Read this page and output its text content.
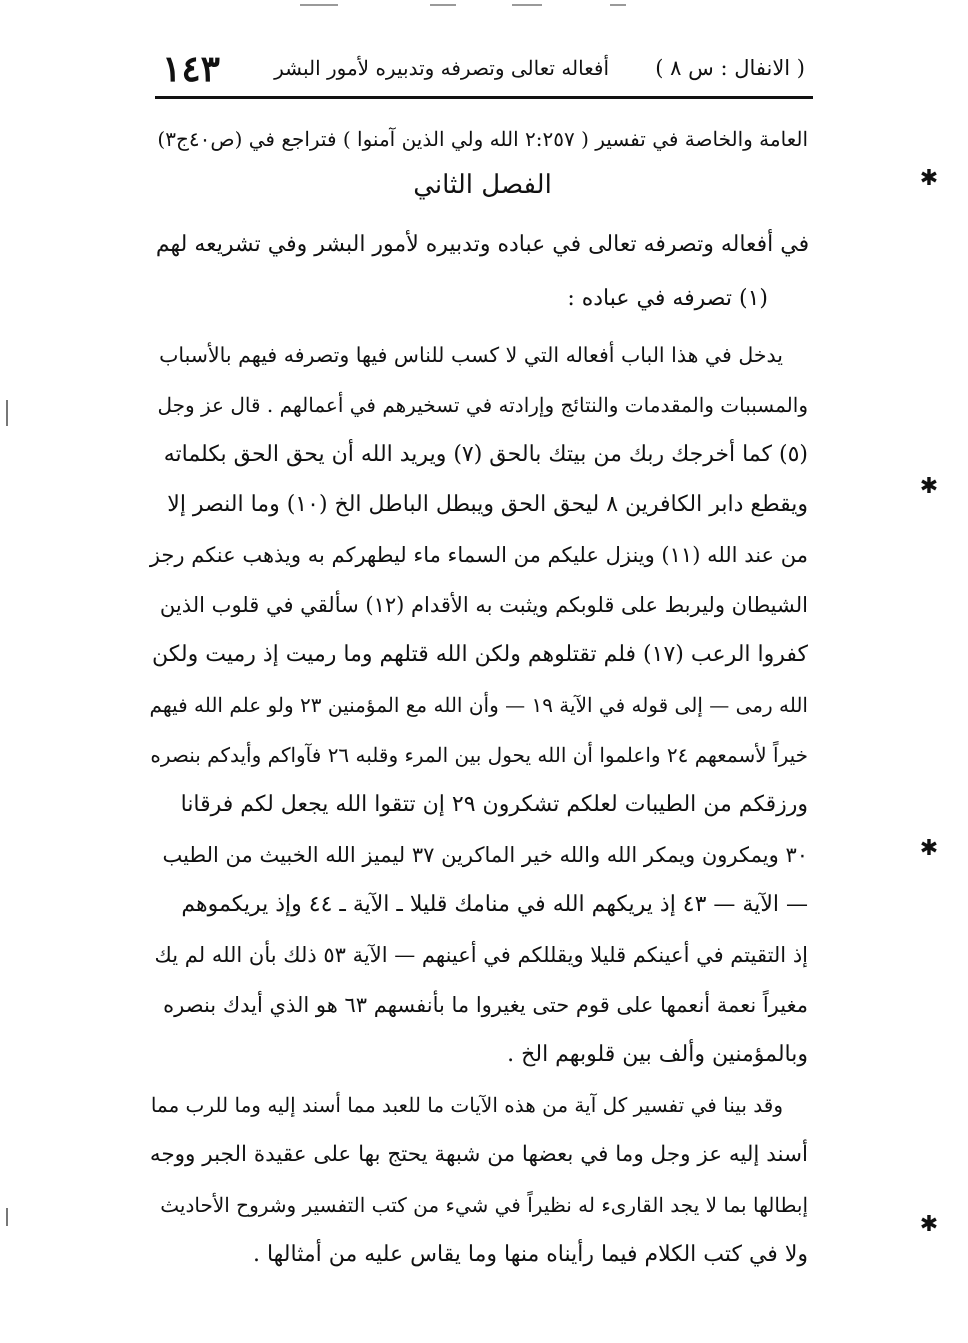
✱
✱
✱
✱
( الانفال : س ٨ )
أفعاله تعالى وتصرفه وتدبيره لأمور البشر
١٤٣
العامة والخاصة في تفسير ( ٢:٢٥٧ الله ولي الذين آمنوا ) فتراجع في (ص٤٠ج٣)
الفصل الثاني
في أفعاله وتصرفه تعالى في عباده وتدبيره لأمور البشر وفي تشريعه لهم
(١) تصرفه في عباده :
يدخل في هذا الباب أفعاله التي لا كسب للناس فيها وتصرفه فيهم بالأسباب
والمسببات والمقدمات والنتائج وإرادته في تسخيرهم في أعمالهم . قال عز وجل
(٥) كما أخرجك ربك من بيتك بالحق (٧) ويريد الله أن يحق الحق بكلماته
ويقطع دابر الكافرين ٨ ليحق الحق ويبطل الباطل الخ (١٠) وما النصر إلا
من عند الله (١١) وينزل عليكم من السماء ماء ليطهركم به ويذهب عنكم رجز
الشيطان وليربط على قلوبكم ويثبت به الأقدام (١٢) سألقي في قلوب الذين
كفروا الرعب (١٧) فلم تقتلوهم ولكن الله قتلهم وما رميت إذ رميت ولكن
الله رمى — إلى قوله في الآية ١٩ — وأن الله مع المؤمنين ٢٣ ولو علم الله فيهم
خيراً لأسمعهم ٢٤ واعلموا أن الله يحول بين المرء وقلبه ٢٦ فآواكم وأيدكم بنصره
ورزقكم من الطيبات لعلكم تشكرون ٢٩ إن تتقوا الله يجعل لكم فرقانا
٣٠ ويمكرون ويمكر الله والله خير الماكرين ٣٧ ليميز الله الخبيث من الطيب
— الآية — ٤٣ إذ يريكهم الله في منامك قليلا ـ الآية ـ ٤٤ وإذ يريكموهم
إذ التقيتم في أعينكم قليلا ويقللكم في أعينهم — الآية ٥٣ ذلك بأن الله لم يك
مغيراً نعمة أنعمها على قوم حتى يغيروا ما بأنفسهم ٦٣ هو الذي أيدك بنصره
وبالمؤمنين وألف بين قلوبهم الخ .
وقد بينا في تفسير كل آية من هذه الآيات ما للعبد مما أسند إليه وما للرب مما
أسند إليه عز وجل وما في بعضها من شبهة يحتج بها على عقيدة الجبر ووجه
إبطالها بما لا يجد القارىء له نظيراً في شيء من كتب التفسير وشروح الأحاديث
ولا في كتب الكلام فيما رأيناه منها وما يقاس عليه من أمثالها .
